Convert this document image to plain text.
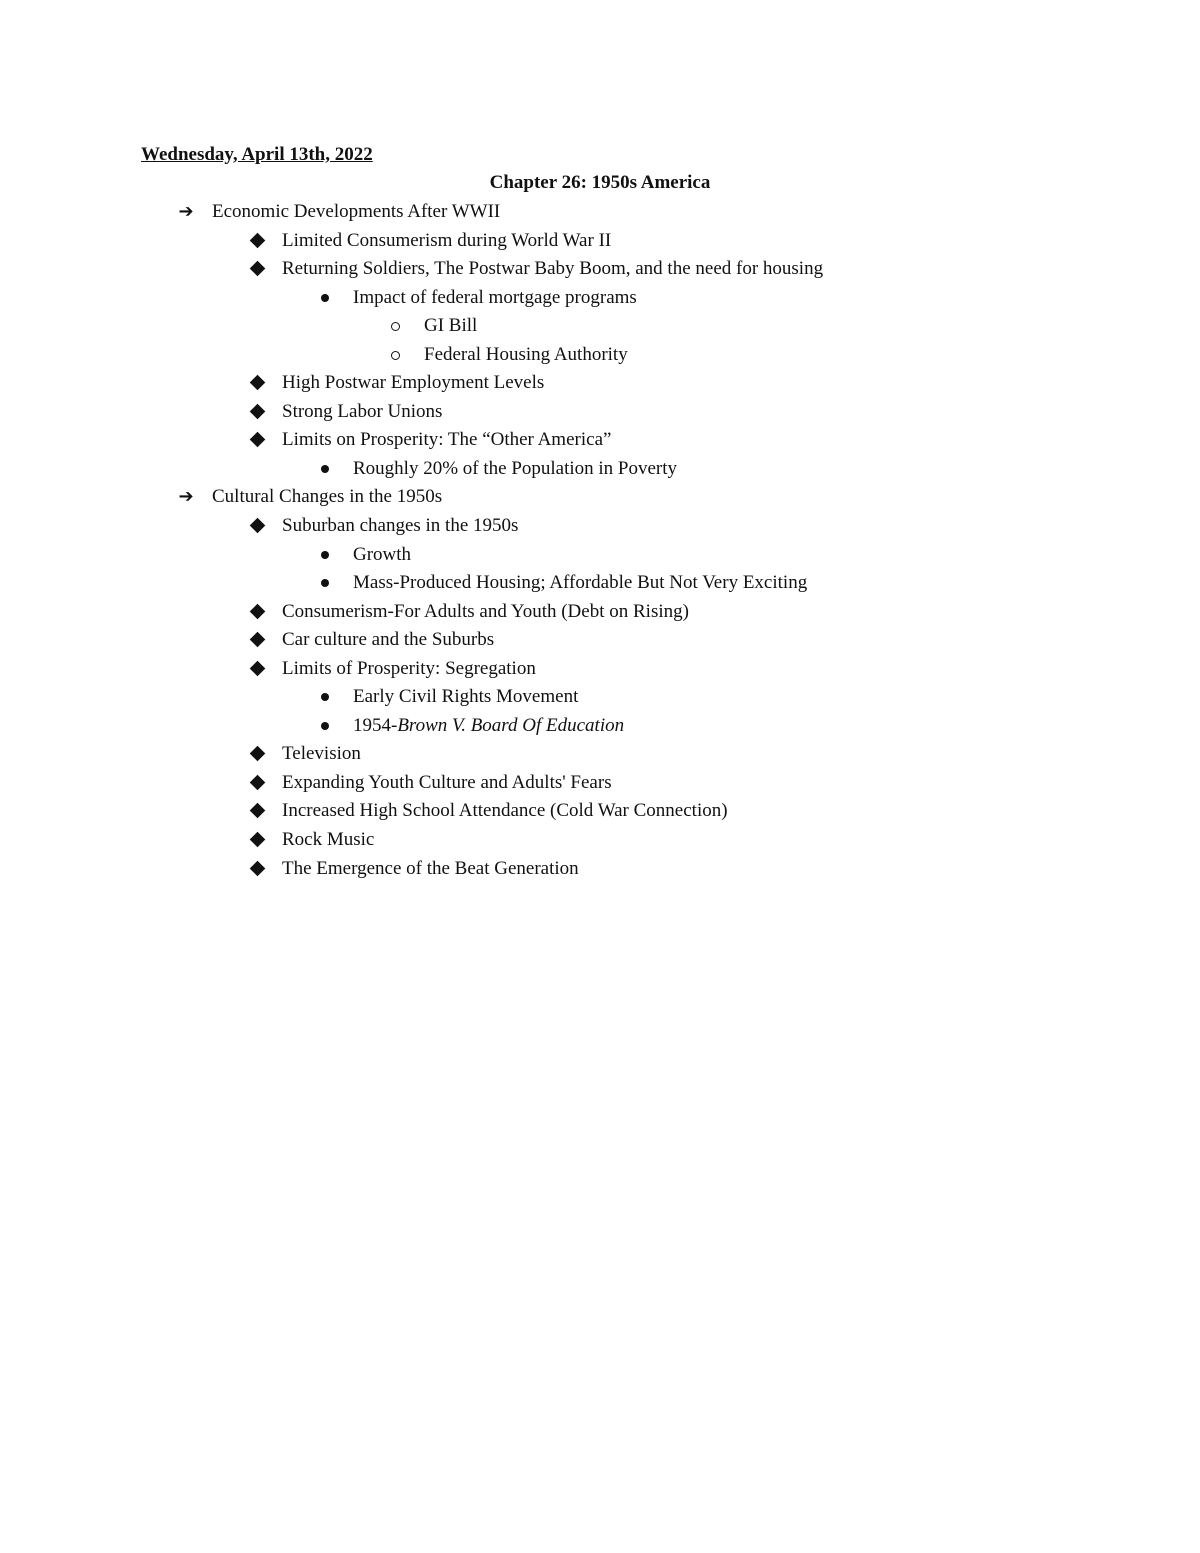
Wednesday, April 13th, 2022
Chapter 26: 1950s America
➔ Economic Developments After WWII
Limited Consumerism during World War II
Returning Soldiers, The Postwar Baby Boom, and the need for housing
Impact of federal mortgage programs
GI Bill
Federal Housing Authority
High Postwar Employment Levels
Strong Labor Unions
Limits on Prosperity: The “Other America”
Roughly 20% of the Population in Poverty
➔ Cultural Changes in the 1950s
Suburban changes in the 1950s
Growth
Mass-Produced Housing; Affordable But Not Very Exciting
Consumerism-For Adults and Youth (Debt on Rising)
Car culture and the Suburbs
Limits of Prosperity: Segregation
Early Civil Rights Movement
1954-Brown V. Board Of Education
Television
Expanding Youth Culture and Adults' Fears
Increased High School Attendance (Cold War Connection)
Rock Music
The Emergence of the Beat Generation
